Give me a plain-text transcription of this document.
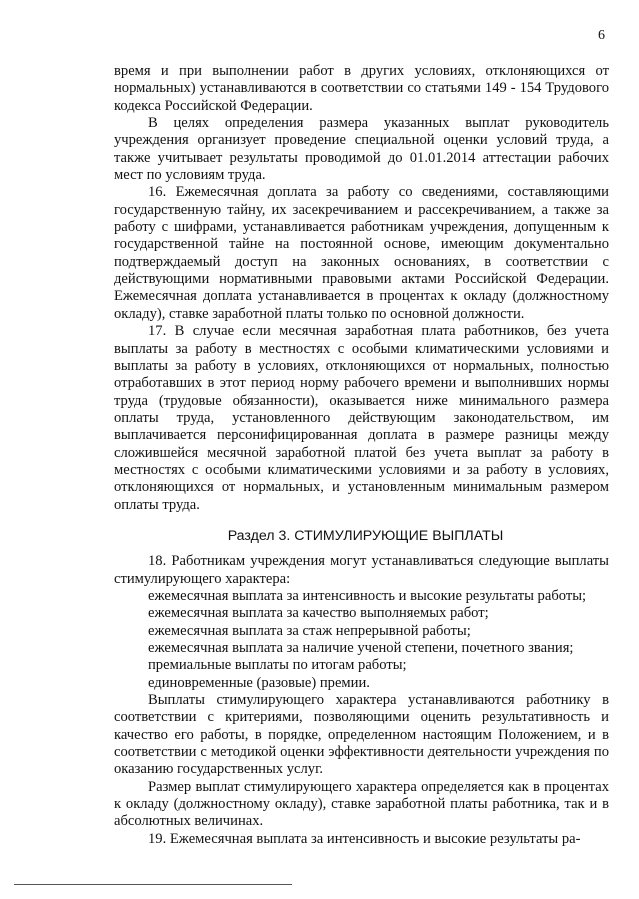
6

время и при выполнении работ в других условиях, отклоняющихся от нормальных) устанавливаются в соответствии со статьями 149 - 154 Трудового кодекса Российской Федерации.

В целях определения размера указанных выплат руководитель учреждения организует проведение специальной оценки условий труда, а также учитывает результаты проводимой до 01.01.2014 аттестации рабочих мест по условиям труда.

16. Ежемесячная доплата за работу со сведениями, составляющими государственную тайну, их засекречиванием и рассекречиванием, а также за работу с шифрами, устанавливается работникам учреждения, допущенным к государственной тайне на постоянной основе, имеющим документально подтверждаемый доступ на законных основаниях, в соответствии с действующими нормативными правовыми актами Российской Федерации. Ежемесячная доплата устанавливается в процентах к окладу (должностному окладу), ставке заработной платы только по основной должности.

17. В случае если месячная заработная плата работников, без учета выплаты за работу в местностях с особыми климатическими условиями и выплаты за работу в условиях, отклоняющихся от нормальных, полностью отработавших в этот период норму рабочего времени и выполнивших нормы труда (трудовые обязанности), оказывается ниже минимального размера оплаты труда, установленного действующим законодательством, им выплачивается персонифицированная доплата в размере разницы между сложившейся месячной заработной платой без учета выплат за работу в местностях с особыми климатическими условиями и за работу в условиях, отклоняющихся от нормальных, и установленным минимальным размером оплаты труда.

Раздел 3. СТИМУЛИРУЮЩИЕ ВЫПЛАТЫ

18. Работникам учреждения могут устанавливаться следующие выплаты стимулирующего характера:

ежемесячная выплата за интенсивность и высокие результаты работы;

ежемесячная выплата за качество выполняемых работ;

ежемесячная выплата за стаж непрерывной работы;

ежемесячная выплата за наличие ученой степени, почетного звания;

премиальные выплаты по итогам работы;

единовременные (разовые) премии.

Выплаты стимулирующего характера устанавливаются работнику в соответствии с критериями, позволяющими оценить результативность и качество его работы, в порядке, определенном настоящим Положением, и в соответствии с методикой оценки эффективности деятельности учреждения по оказанию государственных услуг.

Размер выплат стимулирующего характера определяется как в процентах к окладу (должностному окладу), ставке заработной платы работника, так и в абсолютных величинах.

19. Ежемесячная выплата за интенсивность и высокие результаты ра-
